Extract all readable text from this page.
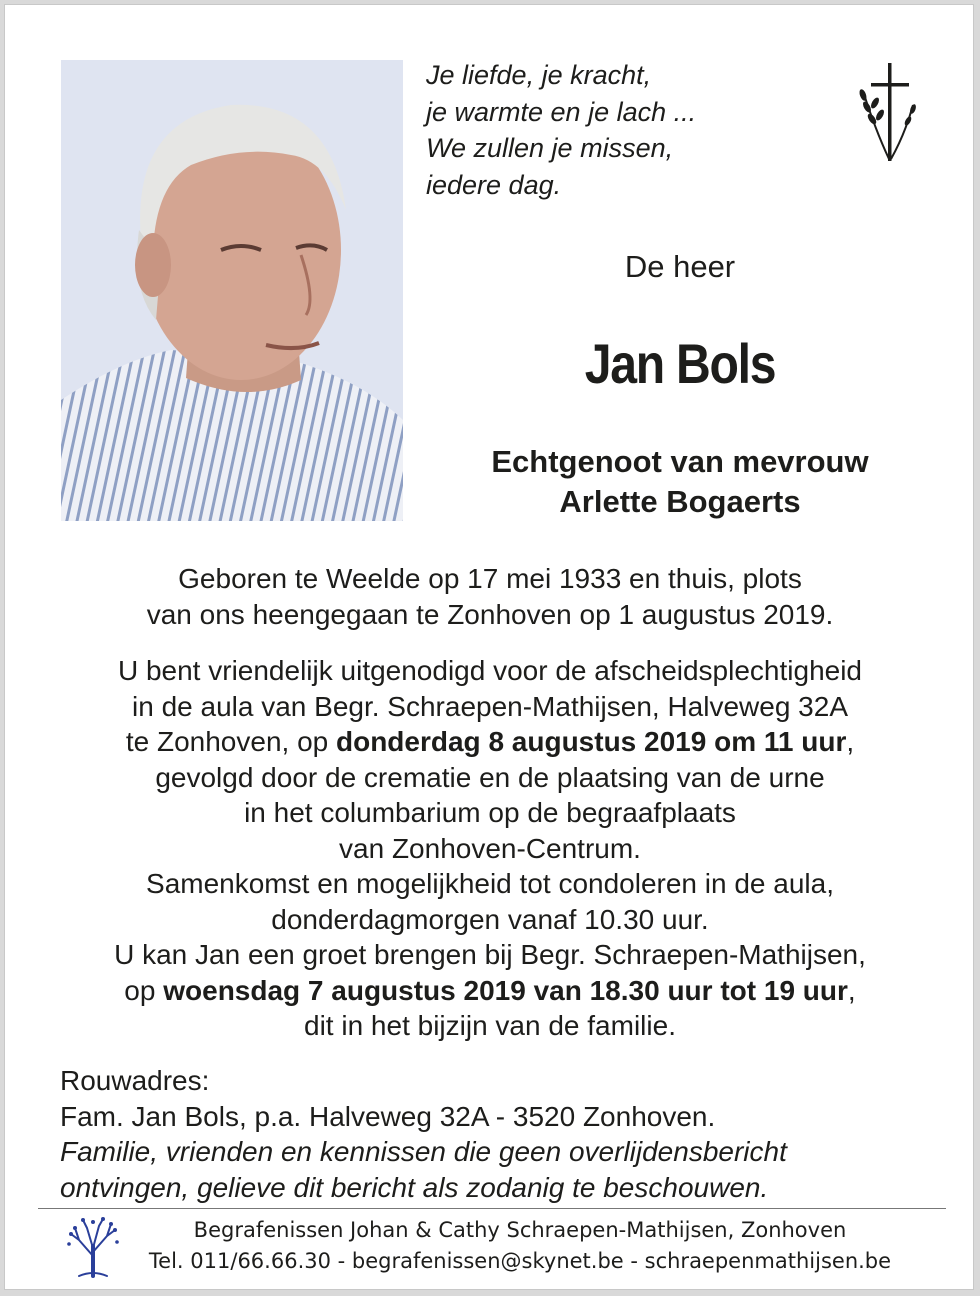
Je liefde, je kracht,
je warmte en je lach ...
We zullen je missen,
iedere dag.
De heer
Jan Bols
Echtgenoot van mevrouw
Arlette Bogaerts
Geboren te Weelde op 17 mei 1933 en thuis, plots
van ons heengegaan te Zonhoven op 1 augustus 2019.
U bent vriendelijk uitgenodigd voor de afscheidsplechtigheid
in de aula van Begr. Schraepen-Mathijsen, Halveweg 32A
te Zonhoven, op donderdag 8 augustus 2019 om 11 uur,
gevolgd door de crematie en de plaatsing van de urne
in het columbarium op de begraafplaats
van Zonhoven-Centrum.
Samenkomst en mogelijkheid tot condoleren in de aula,
donderdagmorgen vanaf 10.30 uur.
U kan Jan een groet brengen bij Begr. Schraepen-Mathijsen,
op woensdag 7 augustus 2019 van 18.30 uur tot 19 uur,
dit in het bijzijn van de familie.
Rouwadres:
Fam. Jan Bols, p.a. Halveweg 32A - 3520 Zonhoven.
Familie, vrienden en kennissen die geen overlijdensbericht
ontvingen, gelieve dit bericht als zodanig te beschouwen.
Begrafenissen Johan & Cathy Schraepen-Mathijsen, Zonhoven
Tel. 011/66.66.30 - begrafenissen@skynet.be - schraepenmathijsen.be
